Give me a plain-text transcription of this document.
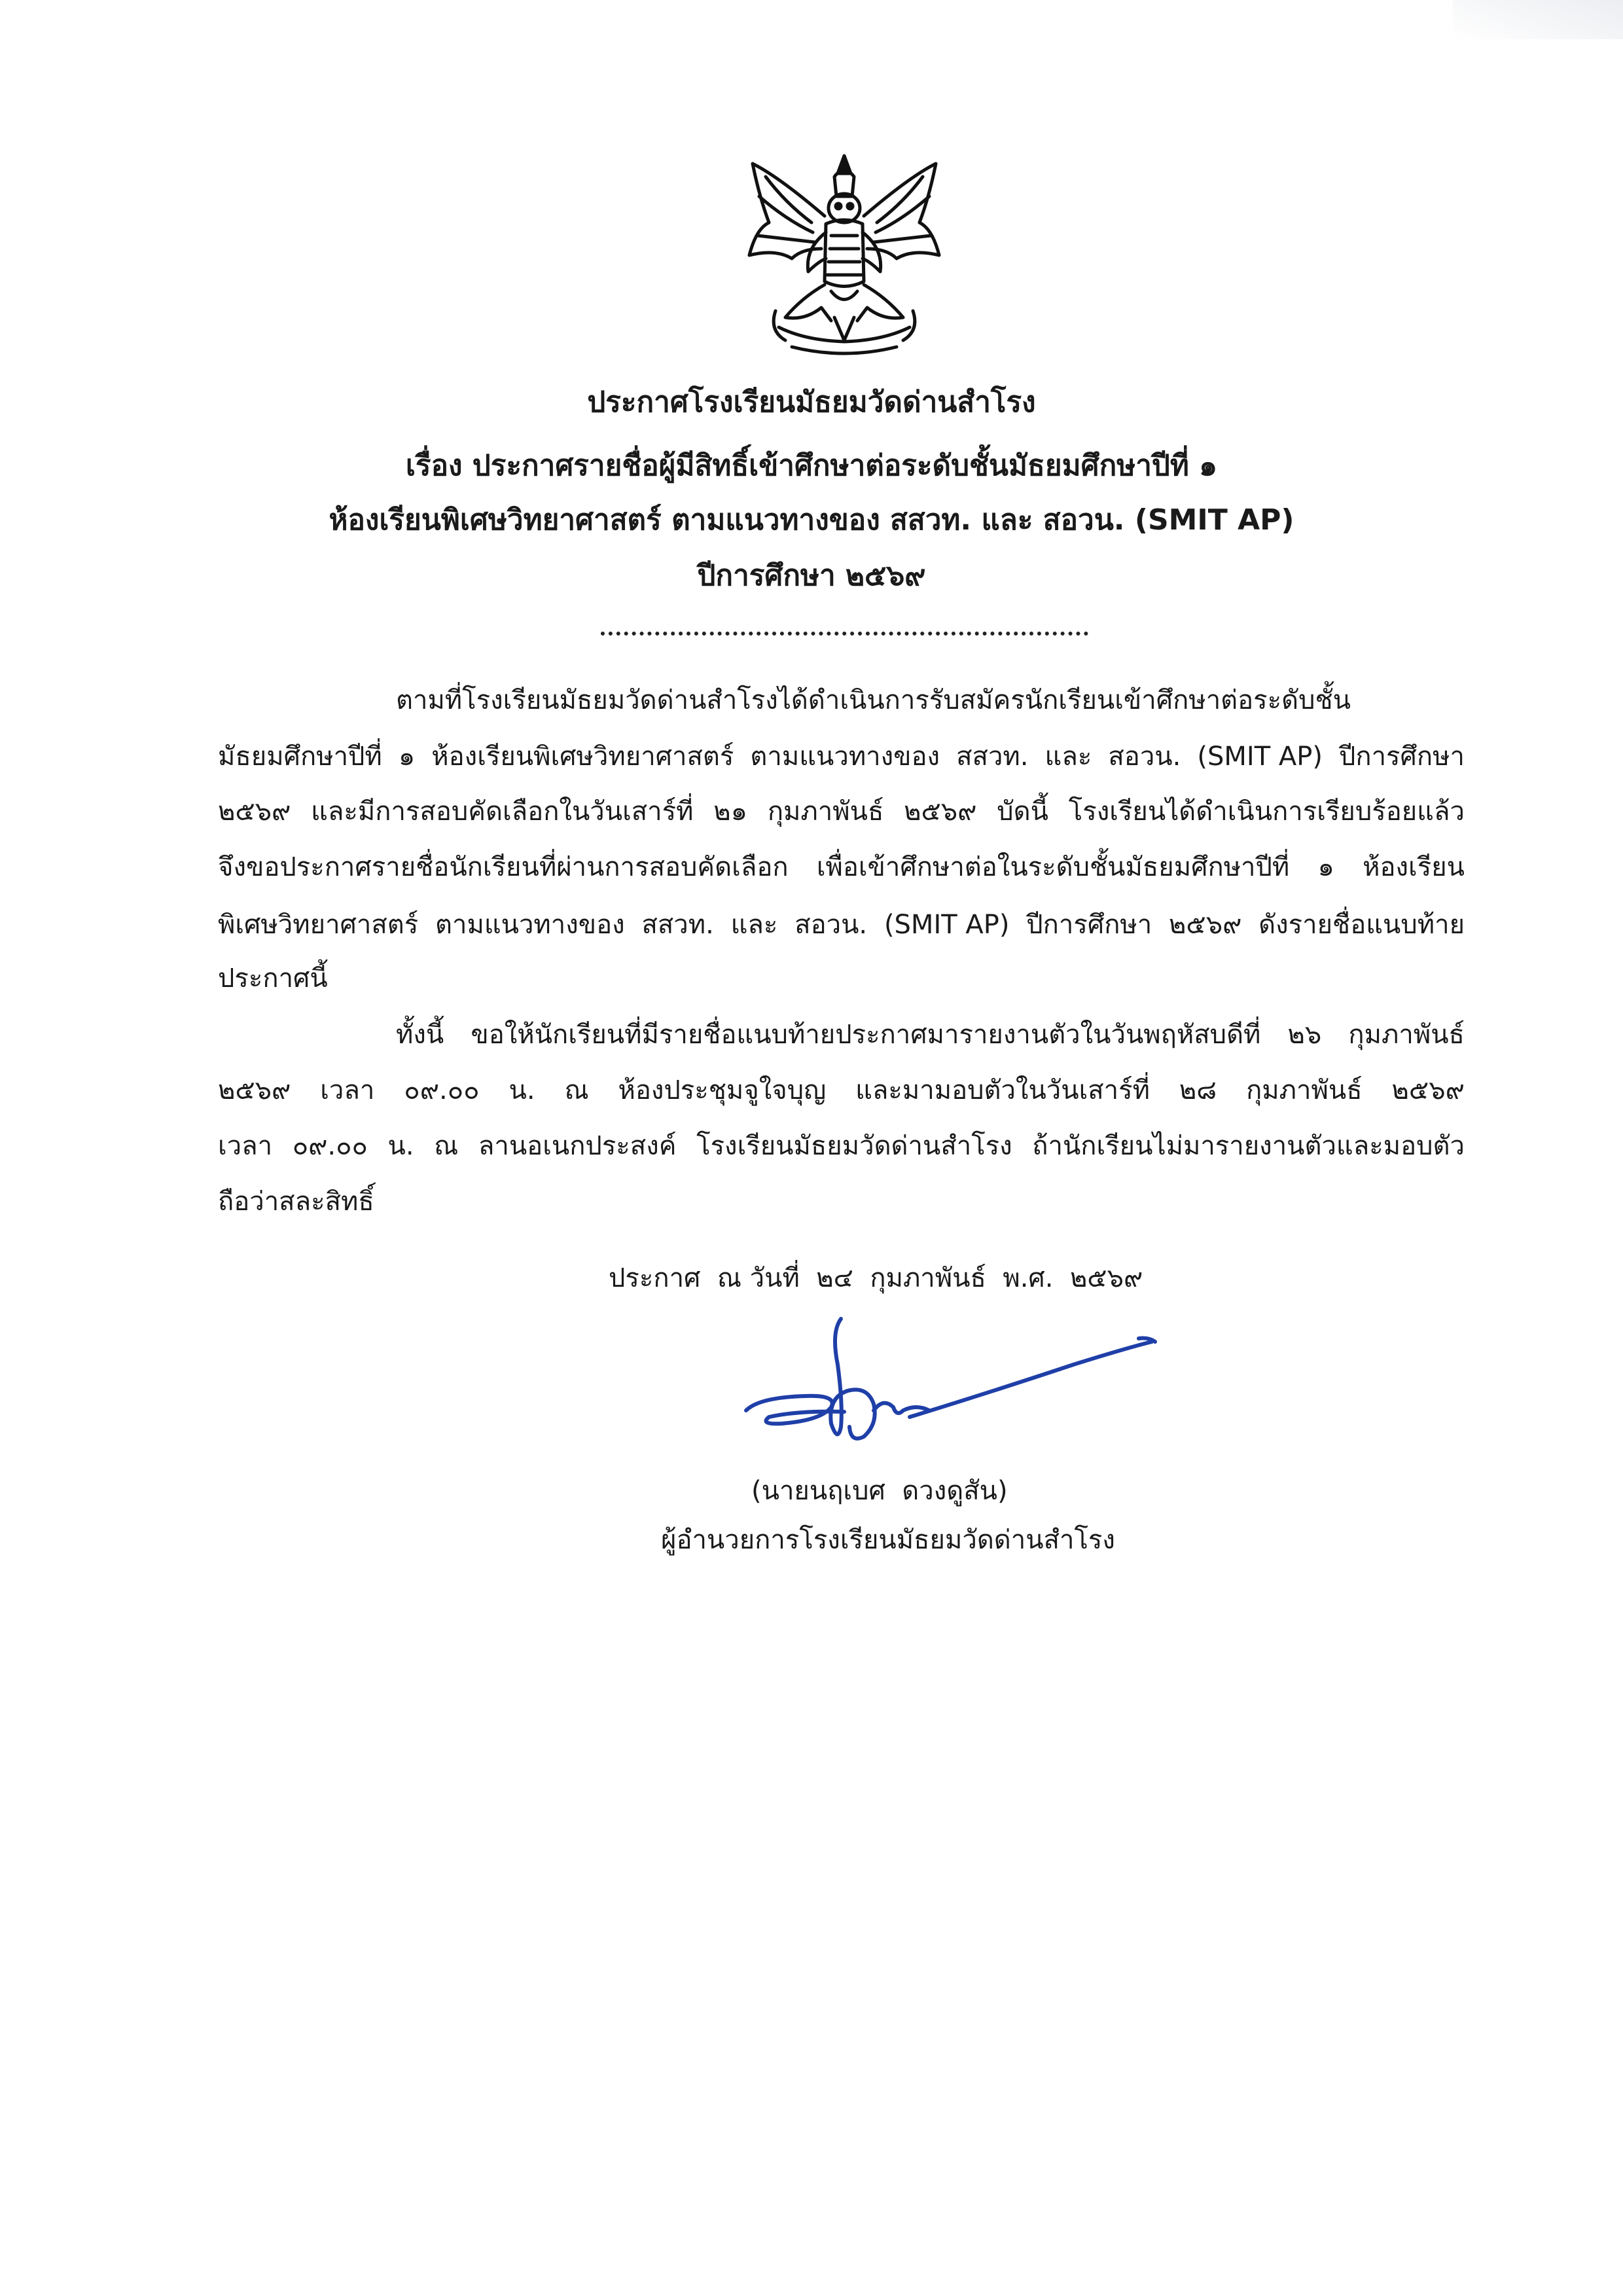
ประกาศโรงเรียนมัธยมวัดด่านสำโรง
เรื่อง ประกาศรายชื่อผู้มีสิทธิ์เข้าศึกษาต่อระดับชั้นมัธยมศึกษาปีที่ ๑
ห้องเรียนพิเศษวิทยาศาสตร์ ตามแนวทางของ สสวท. และ สอวน. (SMIT AP)
ปีการศึกษา ๒๕๖๙
ตามที่โรงเรียนมัธยมวัดด่านสำโรงได้ดำเนินการรับสมัครนักเรียนเข้าศึกษาต่อระดับชั้น
มัธยมศึกษาปีที่ ๑ ห้องเรียนพิเศษวิทยาศาสตร์ ตามแนวทางของ สสวท. และ สอวน. (SMIT AP) ปีการศึกษา
๒๕๖๙ และมีการสอบคัดเลือกในวันเสาร์ที่ ๒๑ กุมภาพันธ์ ๒๕๖๙ บัดนี้ โรงเรียนได้ดำเนินการเรียบร้อยแล้ว
จึงขอประกาศรายชื่อนักเรียนที่ผ่านการสอบคัดเลือก เพื่อเข้าศึกษาต่อในระดับชั้นมัธยมศึกษาปีที่ ๑ ห้องเรียน
พิเศษวิทยาศาสตร์ ตามแนวทางของ สสวท. และ สอวน. (SMIT AP) ปีการศึกษา ๒๕๖๙ ดังรายชื่อแนบท้าย
ประกาศนี้
ทั้งนี้ ขอให้นักเรียนที่มีรายชื่อแนบท้ายประกาศมารายงานตัวในวันพฤหัสบดีที่ ๒๖ กุมภาพันธ์
๒๕๖๙ เวลา ๐๙.๐๐ น. ณ ห้องประชุมจูใจบุญ และมามอบตัวในวันเสาร์ที่ ๒๘ กุมภาพันธ์ ๒๕๖๙
เวลา ๐๙.๐๐ น. ณ ลานอเนกประสงค์ โรงเรียนมัธยมวัดด่านสำโรง ถ้านักเรียนไม่มารายงานตัวและมอบตัว
ถือว่าสละสิทธิ์
ประกาศ  ณ วันที่  ๒๔  กุมภาพันธ์  พ.ศ.  ๒๕๖๙
(นายนฤเบศ  ดวงดูสัน)
ผู้อำนวยการโรงเรียนมัธยมวัดด่านสำโรง
